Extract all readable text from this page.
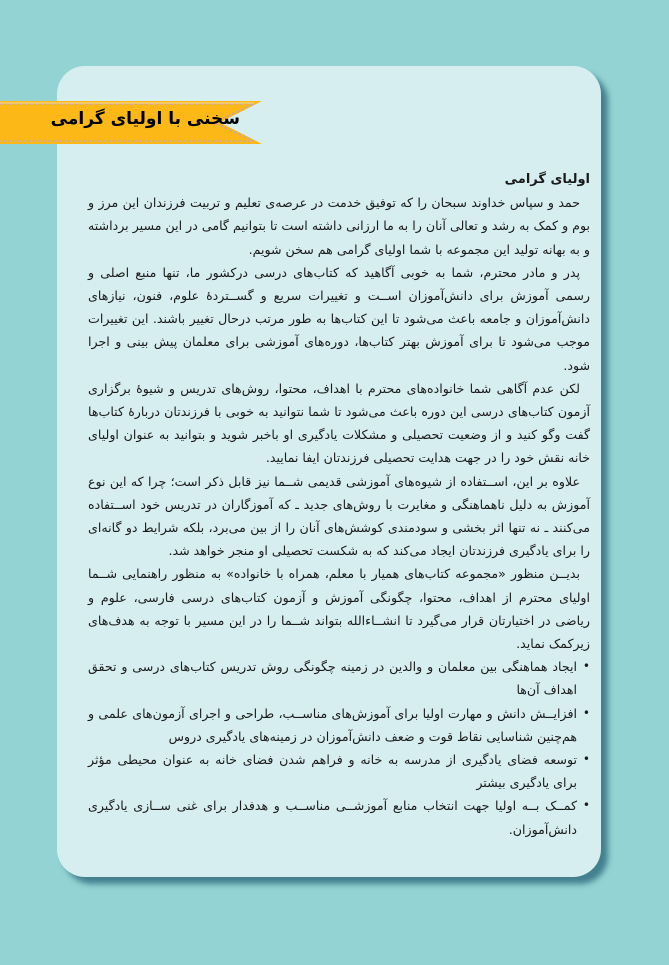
سخنی با اولیای گرامی
اولیای گرامی

حمد و سپاس خداوند سبحان را که توفیق خدمت در عرصه‌ی تعلیم و تربیت فرزندان این مرز و بوم و کمک به رشد و تعالی آنان را به ما ارزانی داشته است تا بتوانیم گامی در این مسیر برداشته و به بهانه تولید این مجموعه با شما اولیای گرامی هم سخن شویم.

پدر و مادر محترم، شما به خوبی آگاهید که کتاب‌های درسی درکشور ما، تنها منبع اصلی و رسمی آموزش برای دانش‌آموزان اســت و تغییرات سریع و گســتردهٔ علوم، فنون، نیازهای دانش‌آموزان و جامعه باعث می‌شود تا این کتاب‌ها به طور مرتب درحال تغییر باشند. این تغییرات موجب می‌شود تا برای آموزش بهتر کتاب‌ها، دوره‌های آموزشی برای معلمان پیش بینی و اجرا شود.

لکن عدم آگاهی شما خانواده‌های محترم با اهداف، محتوا، روش‌های تدریس و شیوهٔ برگزاری آزمون کتاب‌های درسی این دوره باعث می‌شود تا شما نتوانید به خوبی با فرزندتان دربارهٔ کتاب‌ها گفت وگو کنید و از وضعیت تحصیلی و مشکلات یادگیری او باخبر شوید و بتوانید به عنوان اولیای خانه نقش خود را در جهت هدایت تحصیلی فرزندتان ایفا نمایید.

علاوه بر این، اســتفاده از شیوه‌های آموزشی قدیمی شــما نیز قابل ذکر است؛ چرا که این نوع آموزش به دلیل ناهماهنگی و مغایرت با روش‌های جدید ـ که آموزگاران در تدریس خود اســتفاده می‌کنند ـ نه تنها اثر بخشی و سودمندی کوشش‌های آنان را از بین می‌برد، بلکه شرایط دو گانه‌ای را برای یادگیری فرزندتان ایجاد می‌کند که به شکست تحصیلی او منجر خواهد شد.

بدیــن منظور «مجموعه کتاب‌های همیار با معلم، همراه با خانواده» به منظور راهنمایی شــما اولیای محترم از اهداف، محتوا، چگونگی آموزش و آزمون کتاب‌های درسی فارسی، علوم و ریاضی در اختیارتان قرار می‌گیرد تا انشــاءالله بتواند شــما را در این مسیر با توجه به هدف‌های زیرکمک نماید.

•
ایجاد هماهنگی بین معلمان و والدین در زمینه چگونگی روش تدریس کتاب‌های درسی و تحقق اهداف آن‌ها
•
افزایــش دانش و مهارت اولیا برای آموزش‌های مناســب، طراحی و اجرای آزمون‌های علمی و هم‌چنین شناسایی نقاط قوت و ضعف دانش‌آموزان در زمینه‌های یادگیری دروس
•
توسعه فضای یادگیری از مدرسه به خانه و فراهم شدن فضای خانه به عنوان محیطی مؤثر برای یادگیری بیشتر
•
کمــک بــه اولیا جهت انتخاب منابع آموزشــی مناســب و هدفدار برای غنی ســازی یادگیری دانش‌آموزان.
